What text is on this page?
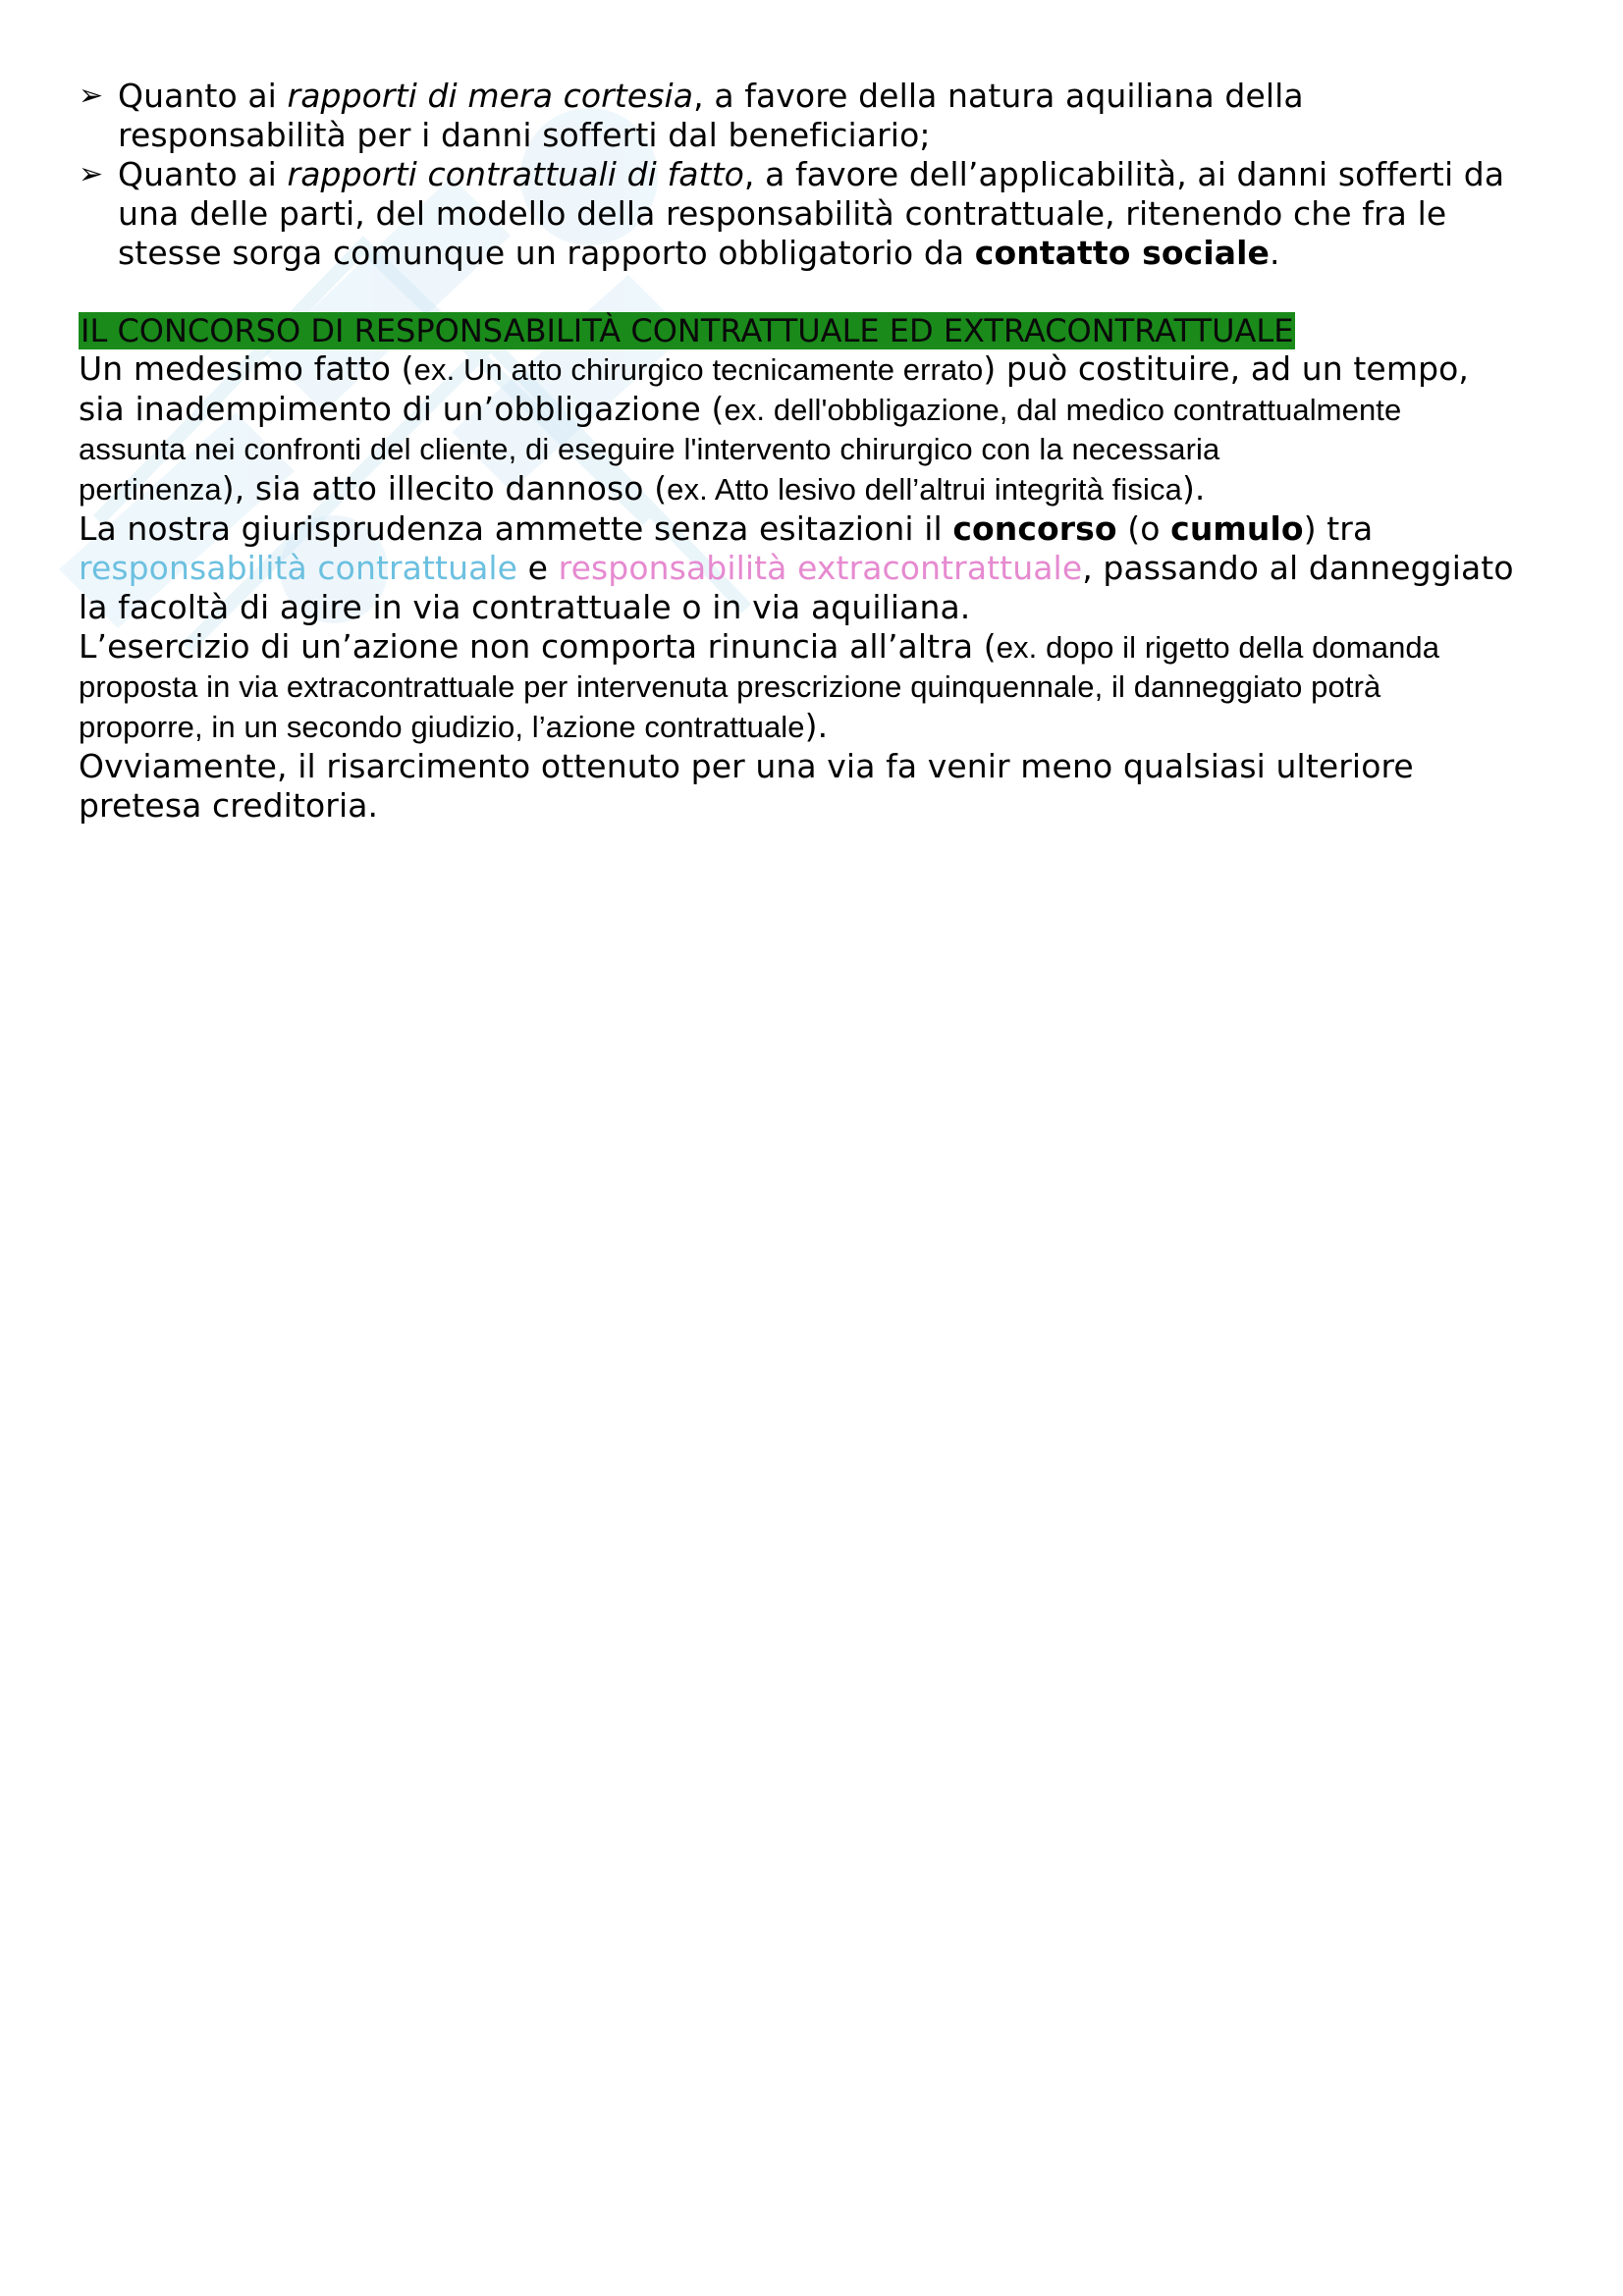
➢ Quanto ai rapporti di mera cortesia, a favore della natura aquiliana della
responsabilità per i danni sofferti dal beneficiario;
➢ Quanto ai rapporti contrattuali di fatto, a favore dell’applicabilità, ai danni sofferti da
una delle parti, del modello della responsabilità contrattuale, ritenendo che fra le
stesse sorga comunque un rapporto obbligatorio da contatto sociale.
IL CONCORSO DI RESPONSABILITÀ CONTRATTUALE ED EXTRACONTRATTUALE
Un medesimo fatto (ex. Un atto chirurgico tecnicamente errato) può costituire, ad un tempo,
sia inadempimento di un’obbligazione (ex. dell'obbligazione, dal medico contrattualmente
assunta nei confronti del cliente, di eseguire l'intervento chirurgico con la necessaria
pertinenza), sia atto illecito dannoso (ex. Atto lesivo dell’altrui integrità fisica).
La nostra giurisprudenza ammette senza esitazioni il concorso (o cumulo) tra
responsabilità contrattuale e responsabilità extracontrattuale, passando al danneggiato
la facoltà di agire in via contrattuale o in via aquiliana.
L’esercizio di un’azione non comporta rinuncia all’altra (ex. dopo il rigetto della domanda
proposta in via extracontrattuale per intervenuta prescrizione quinquennale, il danneggiato potrà
proporre, in un secondo giudizio, l’azione contrattuale).
Ovviamente, il risarcimento ottenuto per una via fa venir meno qualsiasi ulteriore
pretesa creditoria.
